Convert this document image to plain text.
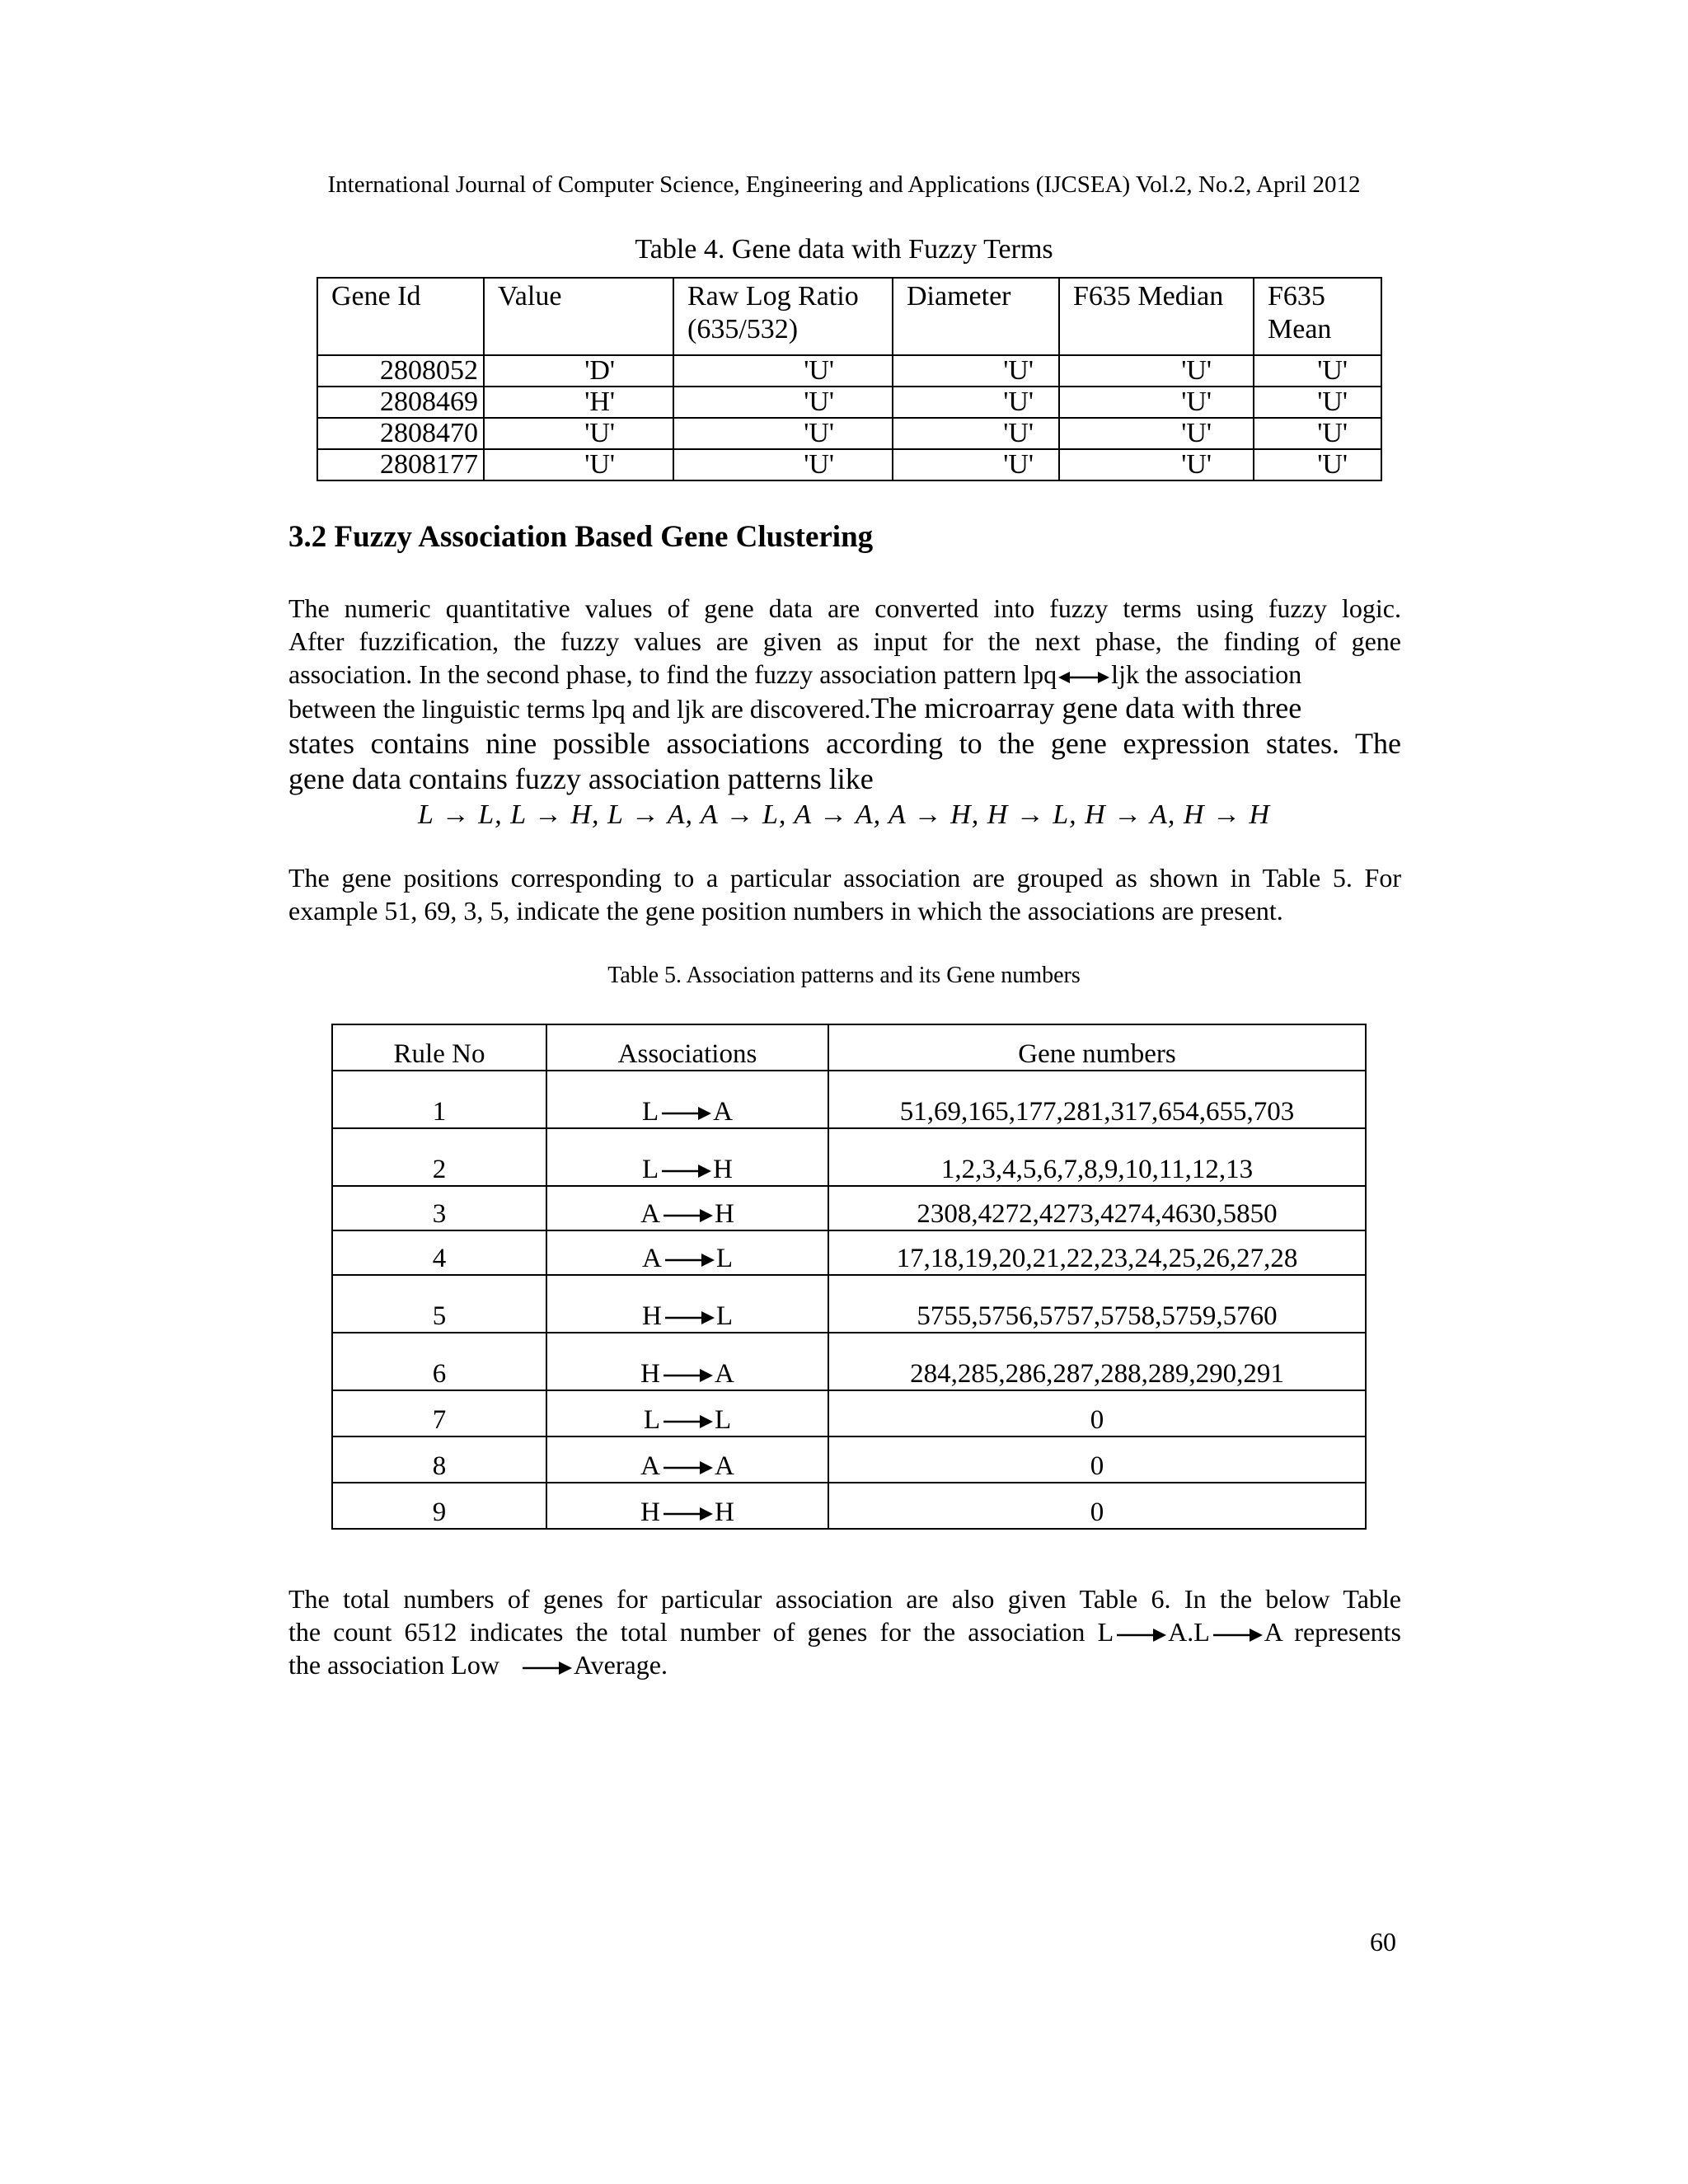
International Journal of Computer Science, Engineering and Applications (IJCSEA) Vol.2, No.2, April 2012
Table 4. Gene data with Fuzzy Terms
Gene Id	Value	Raw Log Ratio (635/532)	Diameter	F635 Median	F635 Mean
2808052	'D'	'U'	'U'	'U'	'U'
2808469	'H'	'U'	'U'	'U'	'U'
2808470	'U'	'U'	'U'	'U'	'U'
2808177	'U'	'U'	'U'	'U'	'U'
3.2 Fuzzy Association Based Gene Clustering
The numeric quantitative values of gene data are converted into fuzzy terms using fuzzy logic.
After fuzzification, the fuzzy values are given as input for the next phase, the finding of gene
association. In the second phase, to find the fuzzy association pattern lpq ljk the association
between the linguistic terms lpq and ljk are discovered.The microarray gene data with three
states contains nine possible associations according to the gene expression states. The
gene data contains fuzzy association patterns like
L → L, L → H, L → A, A → L, A → A, A → H, H → L, H → A, H → H
The gene positions corresponding to a particular association are grouped as shown in Table 5. For
example 51, 69, 3, 5, indicate the gene position numbers in which the associations are present.
Table 5. Association patterns and its Gene numbers
Rule No	Associations	Gene numbers
1	L A	51,69,165,177,281,317,654,655,703
2	L H	1,2,3,4,5,6,7,8,9,10,11,12,13
3	A H	2308,4272,4273,4274,4630,5850
4	A L	17,18,19,20,21,22,23,24,25,26,27,28
5	H L	5755,5756,5757,5758,5759,5760
6	H A	284,285,286,287,288,289,290,291
7	L L	0
8	A A	0
9	H H	0
The total numbers of genes for particular association are also given Table 6. In the below Table
the count 6512 indicates the total number of genes for the association L A.L A represents
the association Low	Average.
60
